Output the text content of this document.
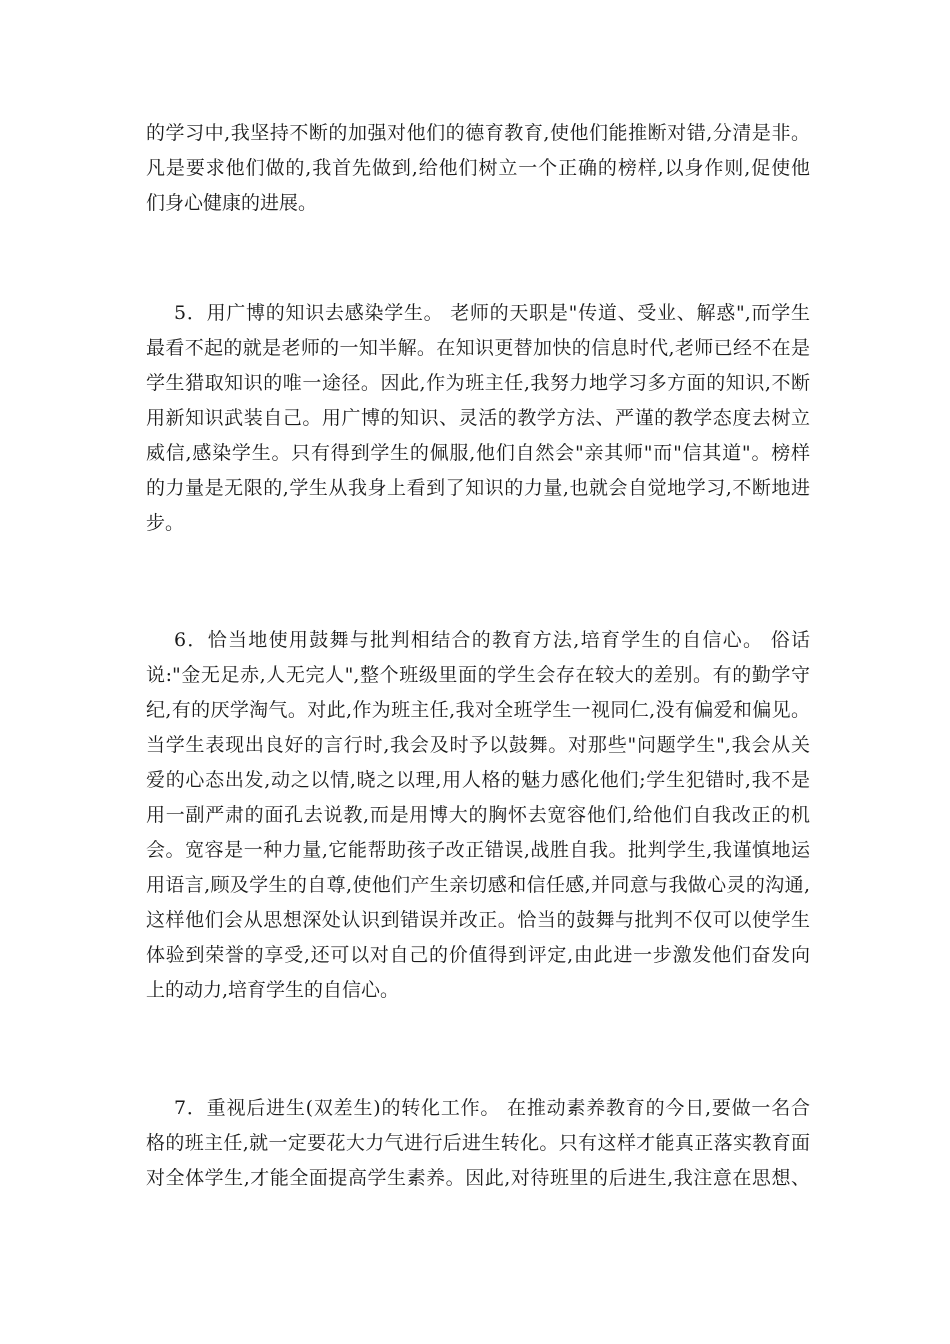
的学习中,我坚持不断的加强对他们的德育教育,使他们能推断对错,分清是非。
凡是要求他们做的,我首先做到,给他们树立一个正确的榜样,以身作则,促使他
们身心健康的进展。
5．用广博的知识去感染学生。 老师的天职是"传道、受业、解惑",而学生
最看不起的就是老师的一知半解。在知识更替加快的信息时代,老师已经不在是
学生猎取知识的唯一途径。因此,作为班主任,我努力地学习多方面的知识,不断
用新知识武装自己。用广博的知识、灵活的教学方法、严谨的教学态度去树立
威信,感染学生。只有得到学生的佩服,他们自然会"亲其师"而"信其道"。榜样
的力量是无限的,学生从我身上看到了知识的力量,也就会自觉地学习,不断地进
步。
6．恰当地使用鼓舞与批判相结合的教育方法,培育学生的自信心。 俗话
说:"金无足赤,人无完人",整个班级里面的学生会存在较大的差别。有的勤学守
纪,有的厌学淘气。对此,作为班主任,我对全班学生一视同仁,没有偏爱和偏见。
当学生表现出良好的言行时,我会及时予以鼓舞。对那些"问题学生",我会从关
爱的心态出发,动之以情,晓之以理,用人格的魅力感化他们;学生犯错时,我不是
用一副严肃的面孔去说教,而是用博大的胸怀去宽容他们,给他们自我改正的机
会。宽容是一种力量,它能帮助孩子改正错误,战胜自我。批判学生,我谨慎地运
用语言,顾及学生的自尊,使他们产生亲切感和信任感,并同意与我做心灵的沟通,
这样他们会从思想深处认识到错误并改正。恰当的鼓舞与批判不仅可以使学生
体验到荣誉的享受,还可以对自己的价值得到评定,由此进一步激发他们奋发向
上的动力,培育学生的自信心。
7．重视后进生(双差生)的转化工作。 在推动素养教育的今日,要做一名合
格的班主任,就一定要花大力气进行后进生转化。只有这样才能真正落实教育面
对全体学生,才能全面提高学生素养。因此,对待班里的后进生,我注意在思想、
